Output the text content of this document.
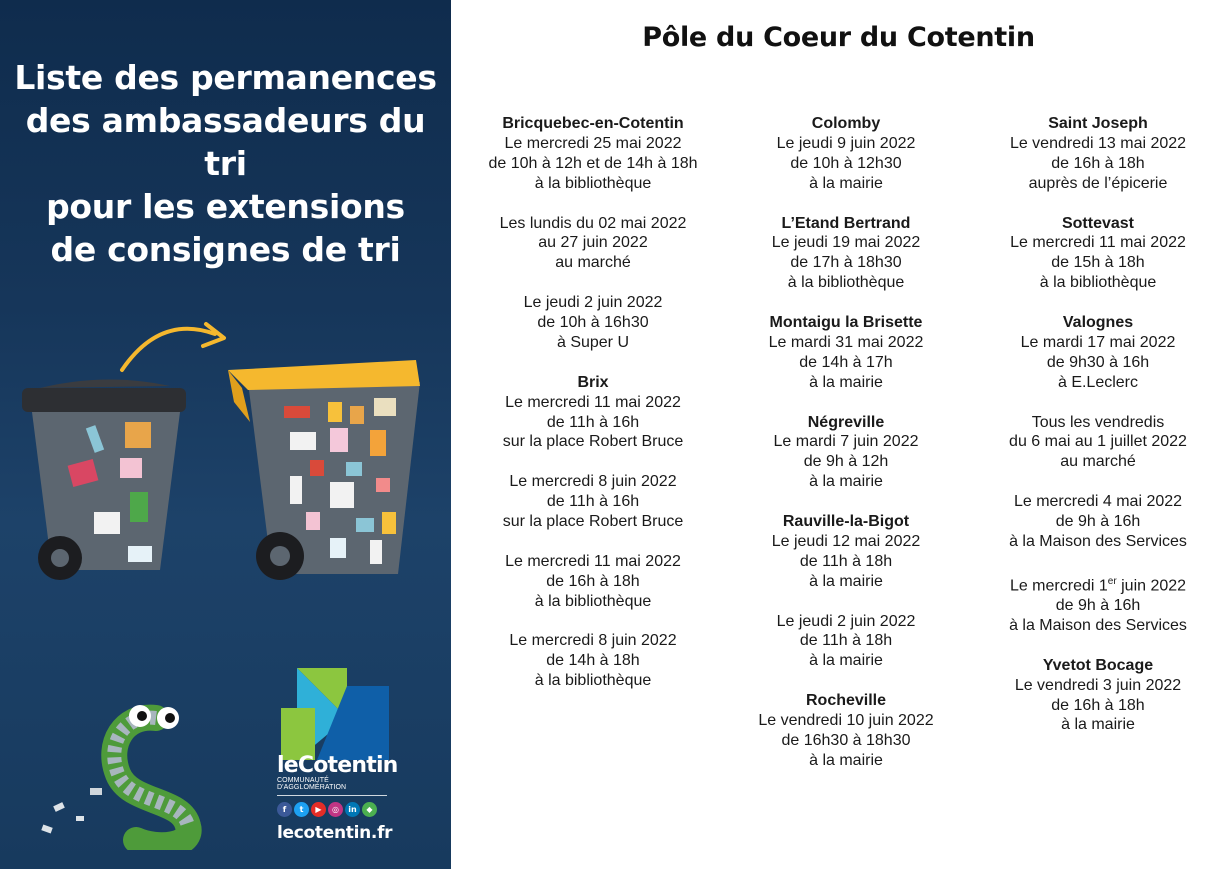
Liste des permanences
des ambassadeurs du tri
pour les extensions
de consignes de tri
leCotentin
COMMUNAUTÉ D'AGGLOMÉRATION
f	t	▶	◎	in	◆
lecotentin.fr
Pôle du Coeur du Cotentin
Bricquebec-en-Cotentin
Le mercredi 25 mai 2022
de 10h à 12h et de 14h à 18h
à la bibliothèque
Les lundis du 02 mai 2022
au 27 juin 2022
au marché
Le jeudi 2 juin 2022
de 10h à 16h30
à Super U
Brix
Le mercredi 11 mai 2022
de 11h à 16h
sur la place Robert Bruce
Le mercredi 8 juin 2022
de 11h à 16h
sur la place Robert Bruce
Le mercredi 11 mai 2022
de 16h à 18h
à la bibliothèque
Le mercredi 8 juin 2022
de 14h à 18h
à la bibliothèque
Colomby
Le jeudi 9 juin 2022
de 10h à 12h30
à la mairie
L’Etand Bertrand
Le jeudi 19 mai 2022
de 17h à 18h30
à la bibliothèque
Montaigu la Brisette
Le mardi 31 mai 2022
de 14h à 17h
à la mairie
Négreville
Le mardi 7 juin 2022
de 9h à 12h
à la mairie
Rauville-la-Bigot
Le jeudi 12 mai 2022
de 11h à 18h
à la mairie
Le jeudi 2 juin 2022
de 11h à 18h
à la mairie
Rocheville
Le vendredi 10 juin 2022
de 16h30 à 18h30
à la mairie
Saint Joseph
Le vendredi 13 mai 2022
de 16h à 18h
auprès de l’épicerie
Sottevast
Le mercredi 11 mai 2022
de 15h à 18h
à la bibliothèque
Valognes
Le mardi 17 mai 2022
de 9h30 à 16h
à E.Leclerc
Tous les vendredis
du 6 mai au 1 juillet 2022
au marché
Le mercredi 4 mai 2022
de 9h à 16h
à la Maison des Services
Le mercredi 1er juin 2022
de 9h à 16h
à la Maison des Services
Yvetot Bocage
Le vendredi 3 juin 2022
de 16h à 18h
à la mairie
